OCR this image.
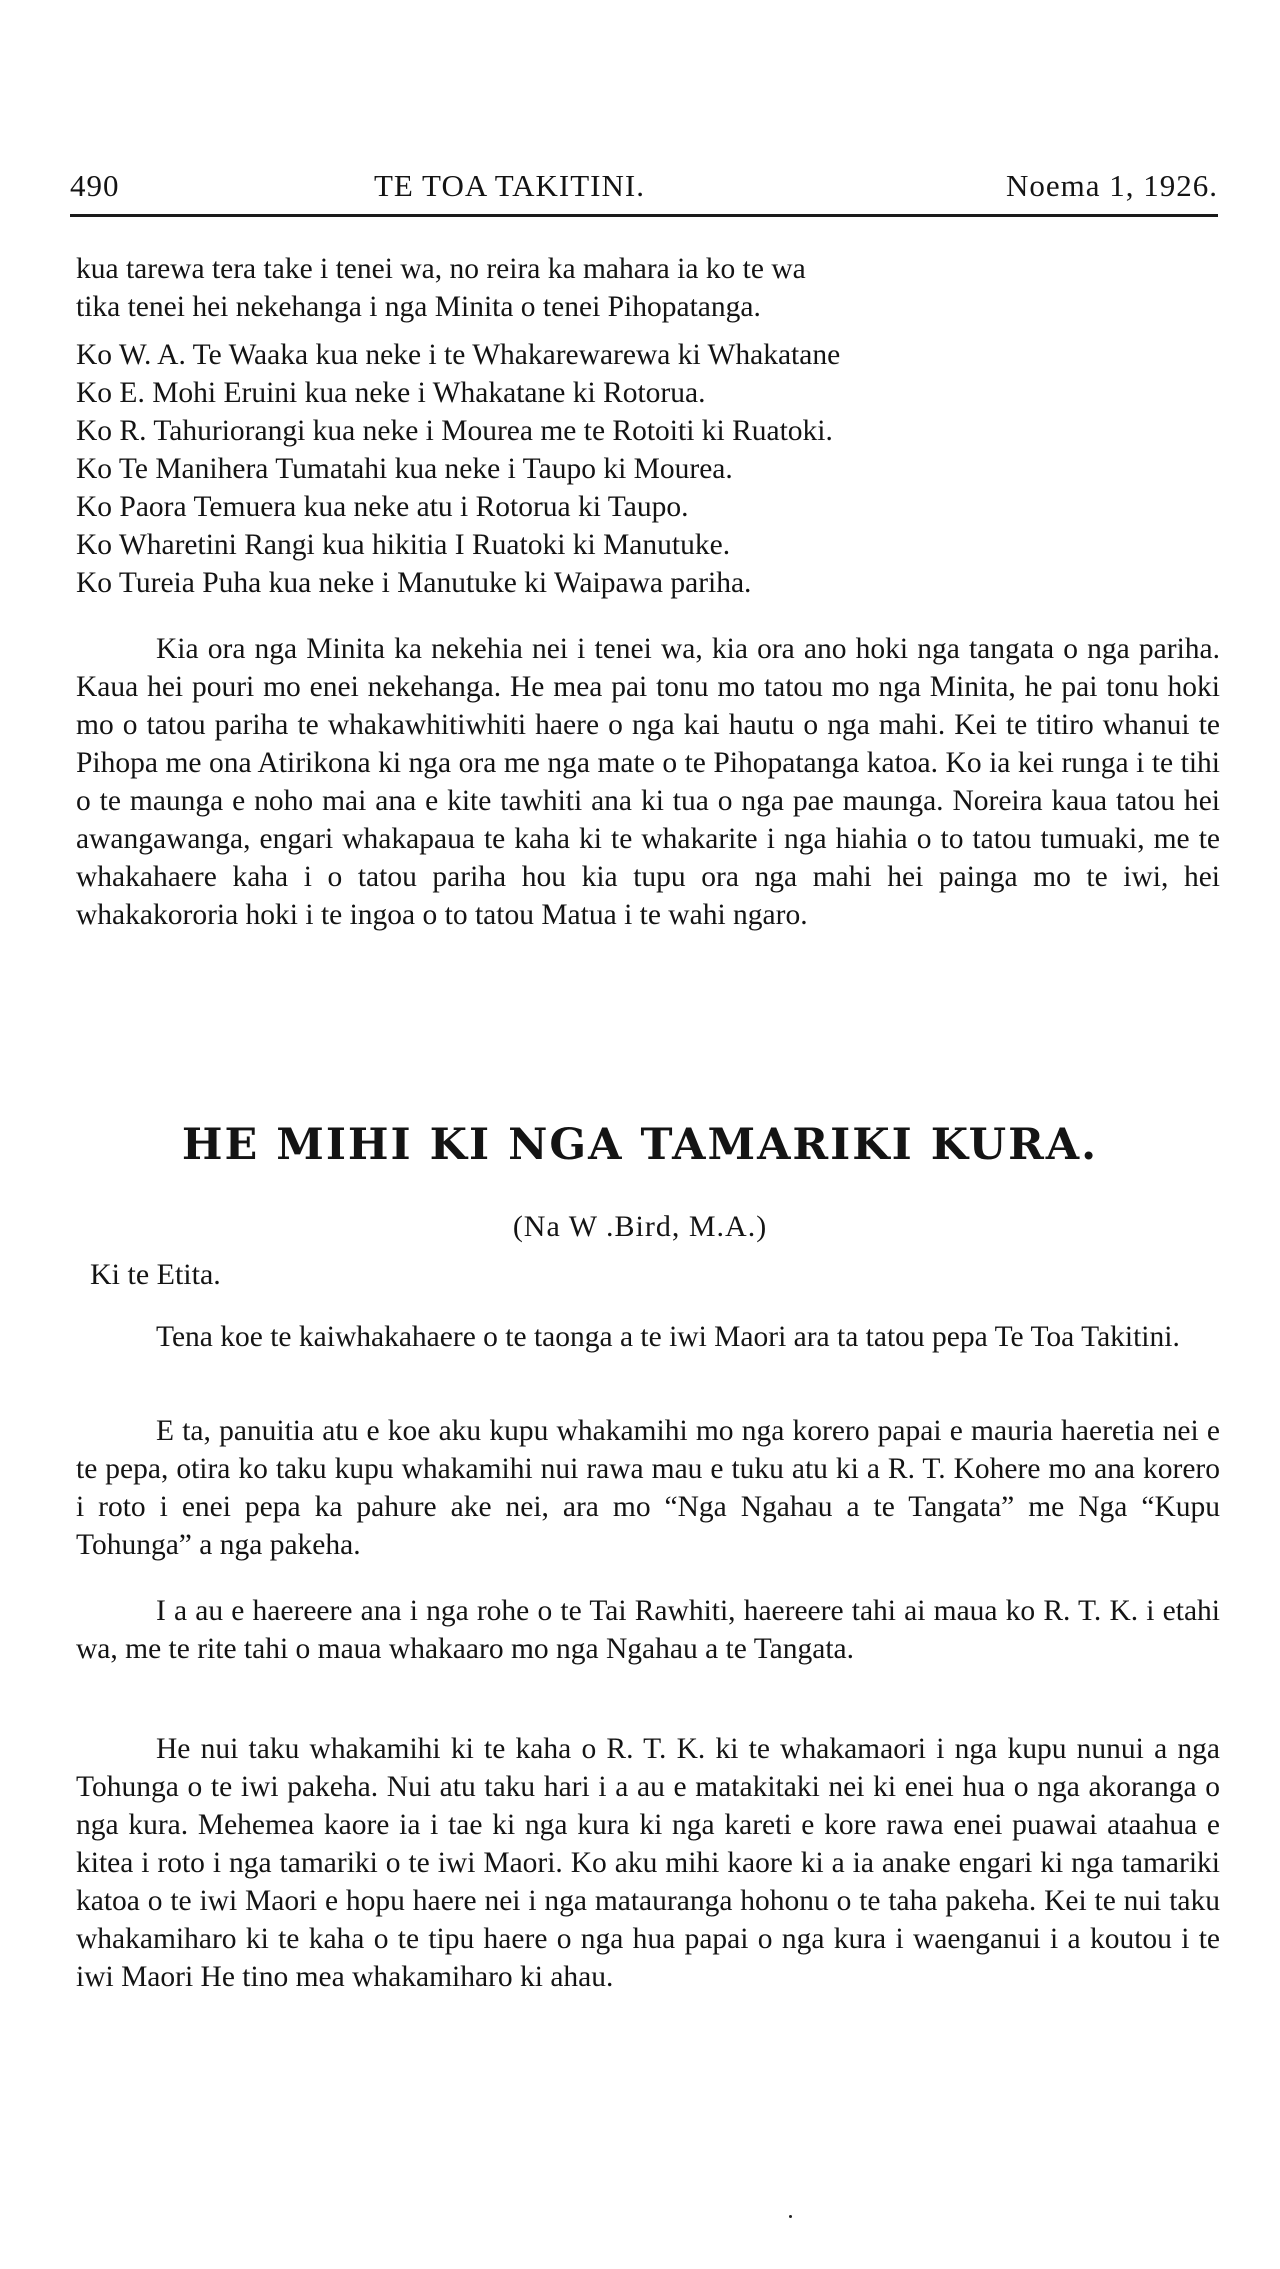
490	TE TOA TAKITINI.	Noema 1, 1926.
kua tarewa tera take i tenei wa, no reira ka mahara ia ko te wa
tika tenei hei nekehanga i nga Minita o tenei Pihopatanga.
Ko W. A. Te Waaka kua neke i te Whakarewarewa ki Whakatane
Ko E. Mohi Eruini kua neke i Whakatane ki Rotorua.
Ko R. Tahuriorangi kua neke i Mourea me te Rotoiti ki Ruatoki.
Ko Te Manihera Tumatahi kua neke i Taupo ki Mourea.
Ko Paora Temuera kua neke atu i Rotorua ki Taupo.
Ko Wharetini Rangi kua hikitia I Ruatoki ki Manutuke.
Ko Tureia Puha kua neke i Manutuke ki Waipawa pariha.

Kia ora nga Minita ka nekehia nei i tenei wa, kia ora ano hoki nga tangata o nga pariha. Kaua hei pouri mo enei nekehanga. He mea pai tonu mo tatou mo nga Minita, he pai tonu hoki mo o tatou pariha te whakawhitiwhiti haere o nga kai hautu o nga mahi. Kei te titiro whanui te Pihopa me ona Atirikona ki nga ora me nga mate o te Pihopatanga katoa. Ko ia kei runga i te tihi o te maunga e noho mai ana e kite tawhiti ana ki tua o nga pae maunga. Noreira kaua tatou hei awangawanga, engari whakapaua te kaha ki te whakarite i nga hiahia o to tatou tumuaki, me te whakahaere kaha i o tatou pariha hou kia tupu ora nga mahi hei painga mo te iwi, hei whakakororia hoki i te ingoa o to tatou Matua i te wahi ngaro.

HE MIHI KI NGA TAMARIKI KURA.
(Na W .Bird, M.A.)
Ki te Etita.

Tena koe te kaiwhakahaere o te taonga a te iwi Maori ara ta tatou pepa Te Toa Takitini.

E ta, panuitia atu e koe aku kupu whakamihi mo nga korero papai e mauria haeretia nei e te pepa, otira ko taku kupu whakamihi nui rawa mau e tuku atu ki a R. T. Kohere mo ana korero i roto i enei pepa ka pahure ake nei, ara mo “Nga Ngahau a te Tangata” me Nga “Kupu Tohunga” a nga pakeha.

I a au e haereere ana i nga rohe o te Tai Rawhiti, haereere tahi ai maua ko R. T. K. i etahi wa, me te rite tahi o maua whakaaro mo nga Ngahau a te Tangata.

He nui taku whakamihi ki te kaha o R. T. K. ki te whakamaori i nga kupu nunui a nga Tohunga o te iwi pakeha. Nui atu taku hari i a au e matakitaki nei ki enei hua o nga akoranga o nga kura. Mehemea kaore ia i tae ki nga kura ki nga kareti e kore rawa enei puawai ataahua e kitea i roto i nga tamariki o te iwi Maori. Ko aku mihi kaore ki a ia anake engari ki nga tamariki katoa o te iwi Maori e hopu haere nei i nga matauranga hohonu o te taha pakeha. Kei te nui taku whakamiharo ki te kaha o te tipu haere o nga hua papai o nga kura i waenganui i a koutou i te iwi Maori He tino mea whakamiharo ki ahau.
